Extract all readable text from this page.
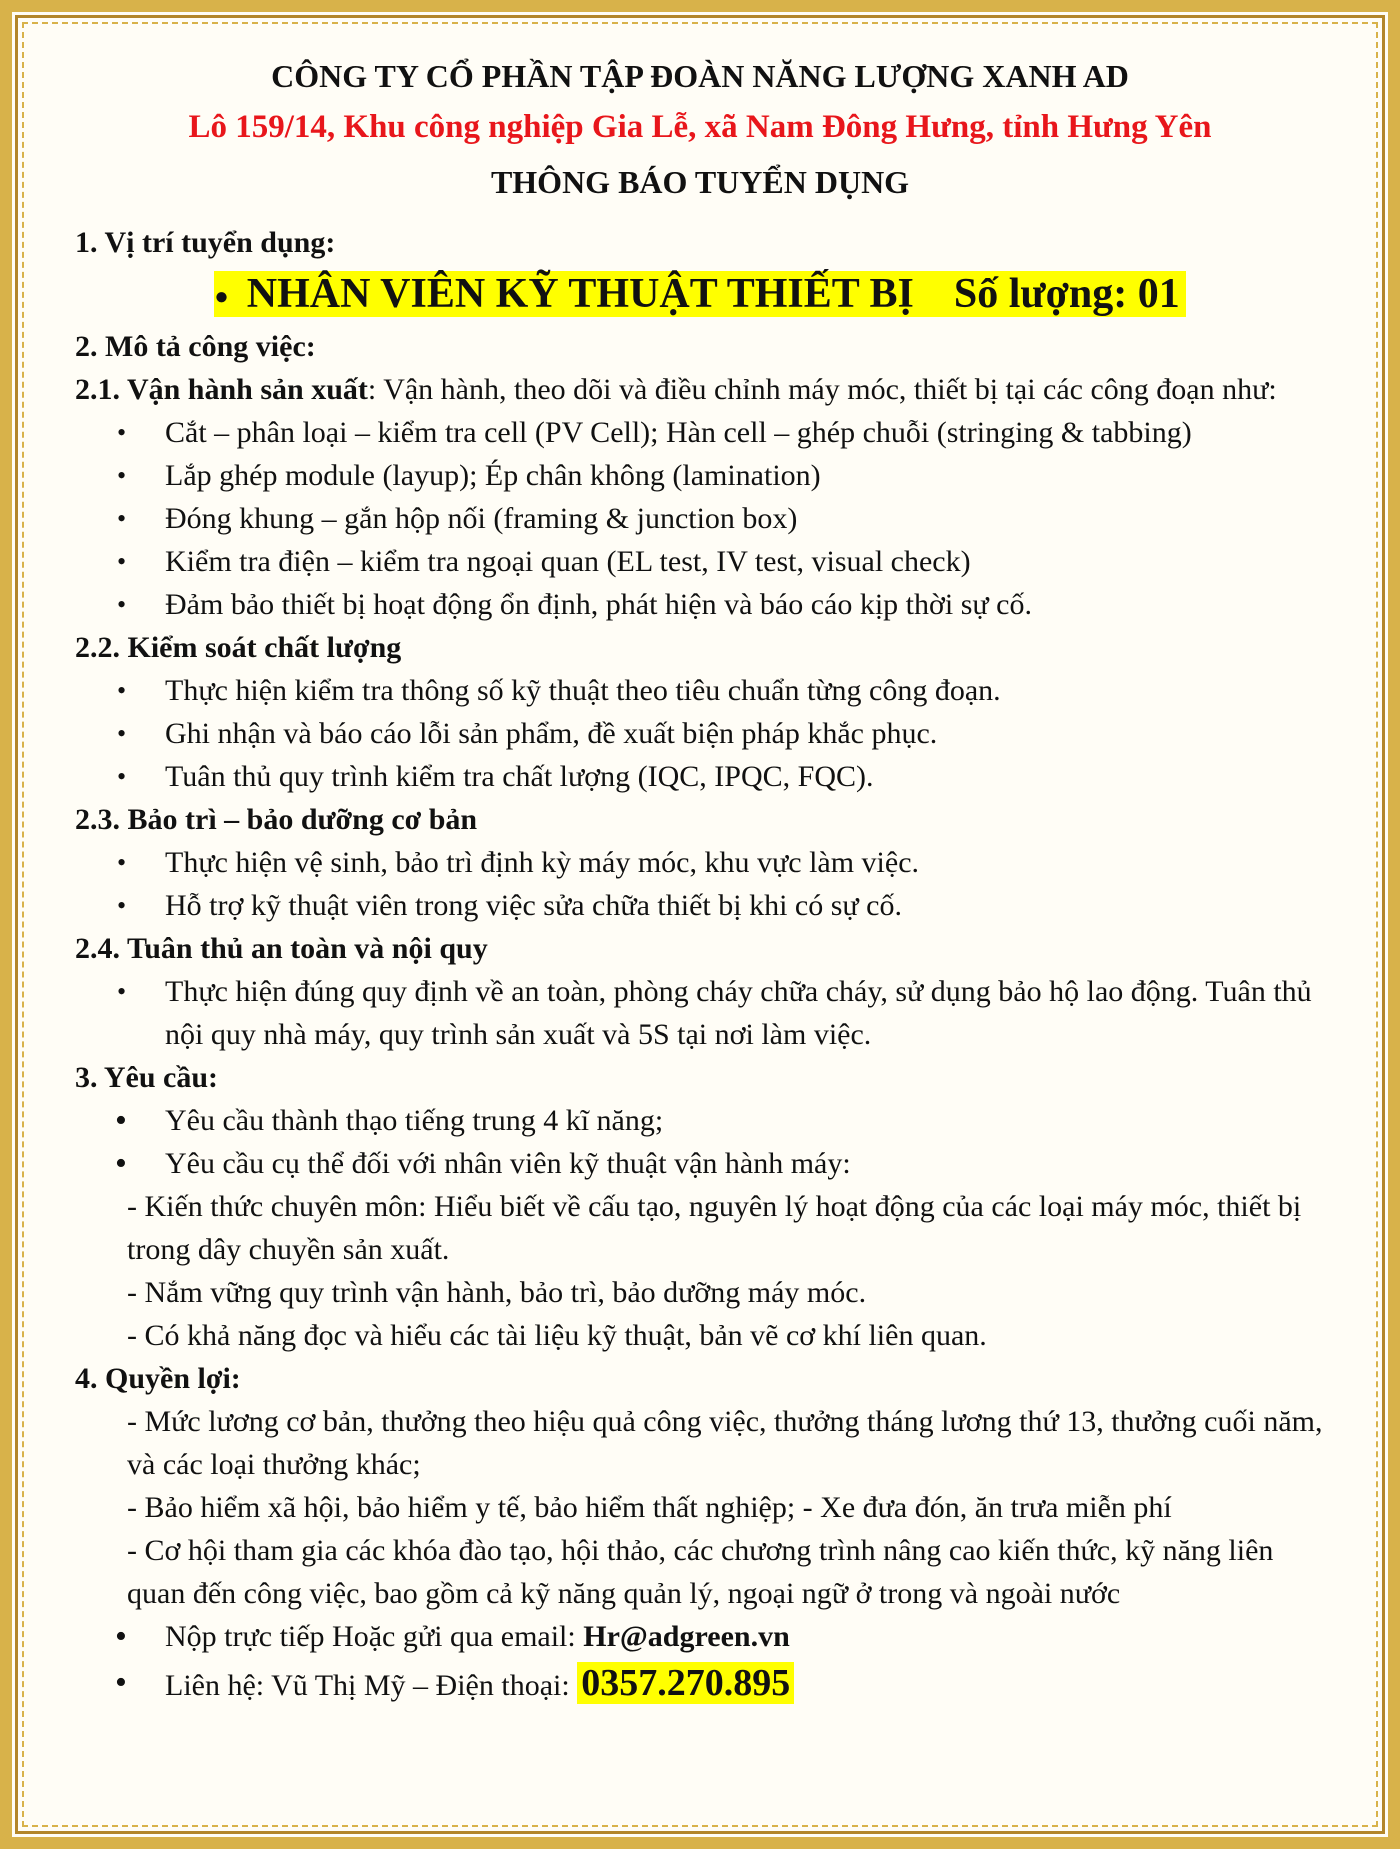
CÔNG TY CỔ PHẦN TẬP ĐOÀN NĂNG LƯỢNG XANH AD
Lô 159/14, Khu công nghiệp Gia Lễ, xã Nam Đông Hưng, tỉnh Hưng Yên
THÔNG BÁO TUYỂN DỤNG
1. Vị trí tuyển dụng:
● NHÂN VIÊN KỸ THUẬT THIẾT BỊ Số lượng: 01
2. Mô tả công việc:

2.1. Vận hành sản xuất: Vận hành, theo dõi và điều chỉnh máy móc, thiết bị tại các công đoạn như:

• Cắt – phân loại – kiểm tra cell (PV Cell); Hàn cell – ghép chuỗi (stringing & tabbing)
• Lắp ghép module (layup); Ép chân không (lamination)
• Đóng khung – gắn hộp nối (framing & junction box)
• Kiểm tra điện – kiểm tra ngoại quan (EL test, IV test, visual check)
• Đảm bảo thiết bị hoạt động ổn định, phát hiện và báo cáo kịp thời sự cố.
2.2. Kiểm soát chất lượng
• Thực hiện kiểm tra thông số kỹ thuật theo tiêu chuẩn từng công đoạn.
• Ghi nhận và báo cáo lỗi sản phẩm, đề xuất biện pháp khắc phục.
• Tuân thủ quy trình kiểm tra chất lượng (IQC, IPQC, FQC).
2.3. Bảo trì – bảo dưỡng cơ bản
• Thực hiện vệ sinh, bảo trì định kỳ máy móc, khu vực làm việc.
• Hỗ trợ kỹ thuật viên trong việc sửa chữa thiết bị khi có sự cố.
2.4. Tuân thủ an toàn và nội quy
• Thực hiện đúng quy định về an toàn, phòng cháy chữa cháy, sử dụng bảo hộ lao động. Tuân thủ nội quy nhà máy, quy trình sản xuất và 5S tại nơi làm việc.
3. Yêu cầu:
• Yêu cầu thành thạo tiếng trung 4 kĩ năng;
• Yêu cầu cụ thể đối với nhân viên kỹ thuật vận hành máy:

- Kiến thức chuyên môn: Hiểu biết về cấu tạo, nguyên lý hoạt động của các loại máy móc, thiết bị trong dây chuyền sản xuất.

- Nắm vững quy trình vận hành, bảo trì, bảo dưỡng máy móc.

- Có khả năng đọc và hiểu các tài liệu kỹ thuật, bản vẽ cơ khí liên quan.

4. Quyền lợi:

- Mức lương cơ bản, thưởng theo hiệu quả công việc, thưởng tháng lương thứ 13, thưởng cuối năm, và các loại thưởng khác;

- Bảo hiểm xã hội, bảo hiểm y tế, bảo hiểm thất nghiệp; - Xe đưa đón, ăn trưa miễn phí

- Cơ hội tham gia các khóa đào tạo, hội thảo, các chương trình nâng cao kiến thức, kỹ năng liên quan đến công việc, bao gồm cả kỹ năng quản lý, ngoại ngữ ở trong và ngoài nước

• Nộp trực tiếp Hoặc gửi qua email: Hr@adgreen.vn
• Liên hệ: Vũ Thị Mỹ – Điện thoại: 0357.270.895
